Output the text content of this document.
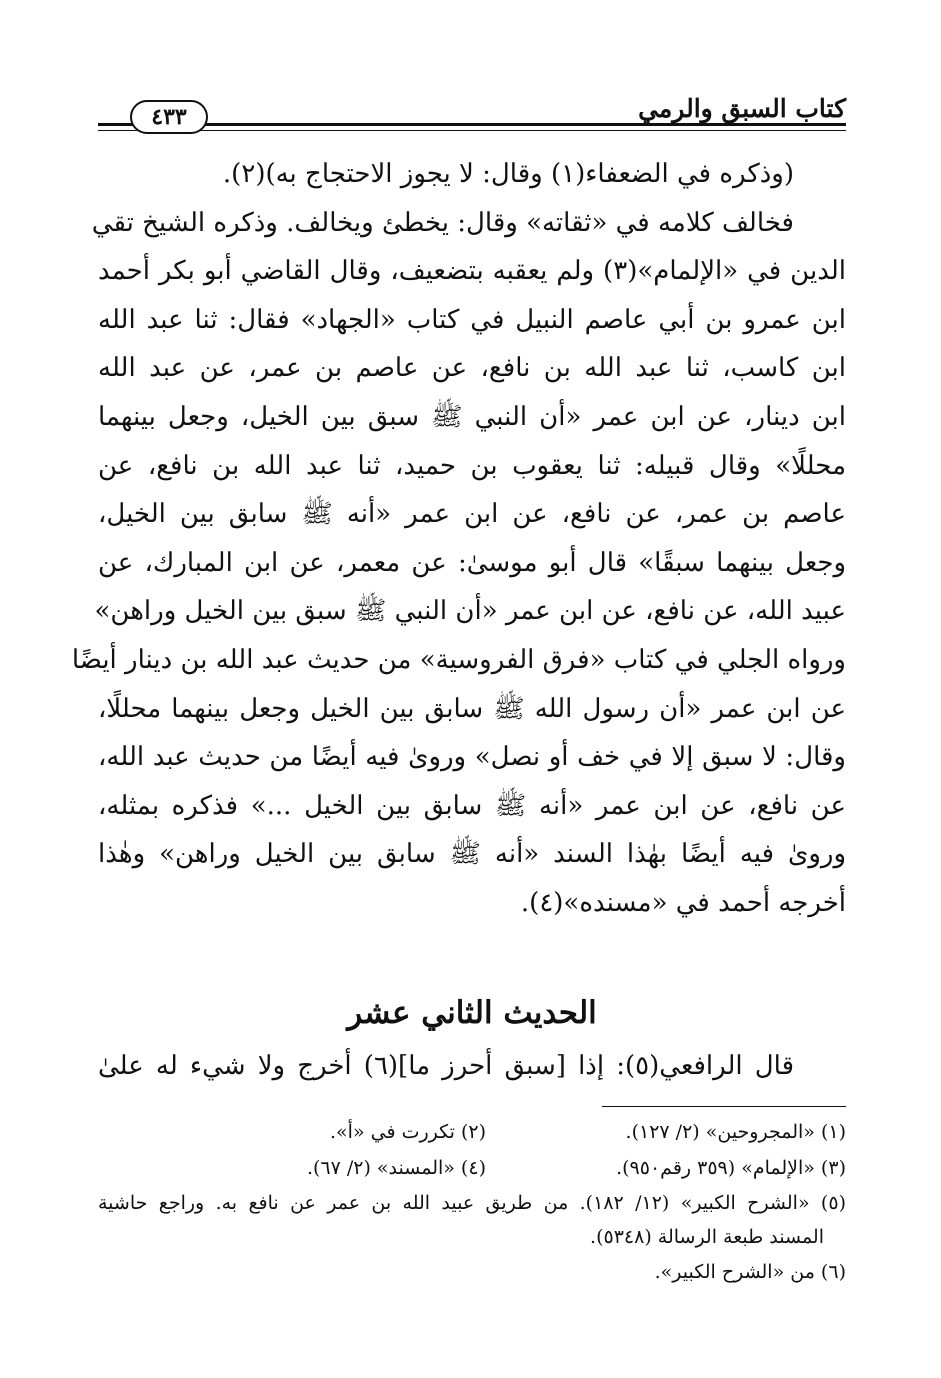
كتاب السبق والرمي
٤٣٣
(وذكره في الضعفاء(١) وقال: لا يجوز الاحتجاج به)(٢).
فخالف كلامه في «ثقاته» وقال: يخطئ ويخالف. وذكره الشيخ تقي
الدين في «الإلمام»(٣) ولم يعقبه بتضعيف، وقال القاضي أبو بكر أحمد
ابن عمرو بن أبي عاصم النبيل في كتاب «الجهاد» فقال: ثنا عبد الله
ابن كاسب، ثنا عبد الله بن نافع، عن عاصم بن عمر، عن عبد الله
ابن دينار، عن ابن عمر «أن النبي ﷺ سبق بين الخيل، وجعل بينهما
محللًا» وقال قبيله: ثنا يعقوب بن حميد، ثنا عبد الله بن نافع، عن
عاصم بن عمر، عن نافع، عن ابن عمر «أنه ﷺ سابق بين الخيل،
وجعل بينهما سبقًا» قال أبو موسىٰ: عن معمر، عن ابن المبارك، عن
عبيد الله، عن نافع، عن ابن عمر «أن النبي ﷺ سبق بين الخيل وراهن»
ورواه الجلي في كتاب «فرق الفروسية» من حديث عبد الله بن دينار أيضًا
عن ابن عمر «أن رسول الله ﷺ سابق بين الخيل وجعل بينهما محللًا،
وقال: لا سبق إلا في خف أو نصل» وروىٰ فيه أيضًا من حديث عبد الله،
عن نافع، عن ابن عمر «أنه ﷺ سابق بين الخيل ...» فذكره بمثله،
وروىٰ فيه أيضًا بهٰذا السند «أنه ﷺ سابق بين الخيل وراهن» وهٰذا
أخرجه أحمد في «مسنده»(٤).
الحديث الثاني عشر
قال الرافعي(٥): إذا [سبق أحرز ما](٦) أخرج ولا شيء له علىٰ
(١) «المجروحين» (٢/ ١٢٧).
(٢) تكررت في «أ».
(٣) «الإلمام» (٣٥٩ رقم٩٥٠).
(٤) «المسند» (٢/ ٦٧).
(٥) «الشرح الكبير» (١٢/ ١٨٢). من طريق عبيد الله بن عمر عن نافع به. وراجع حاشية
المسند طبعة الرسالة (٥٣٤٨).
(٦) من «الشرح الكبير».
